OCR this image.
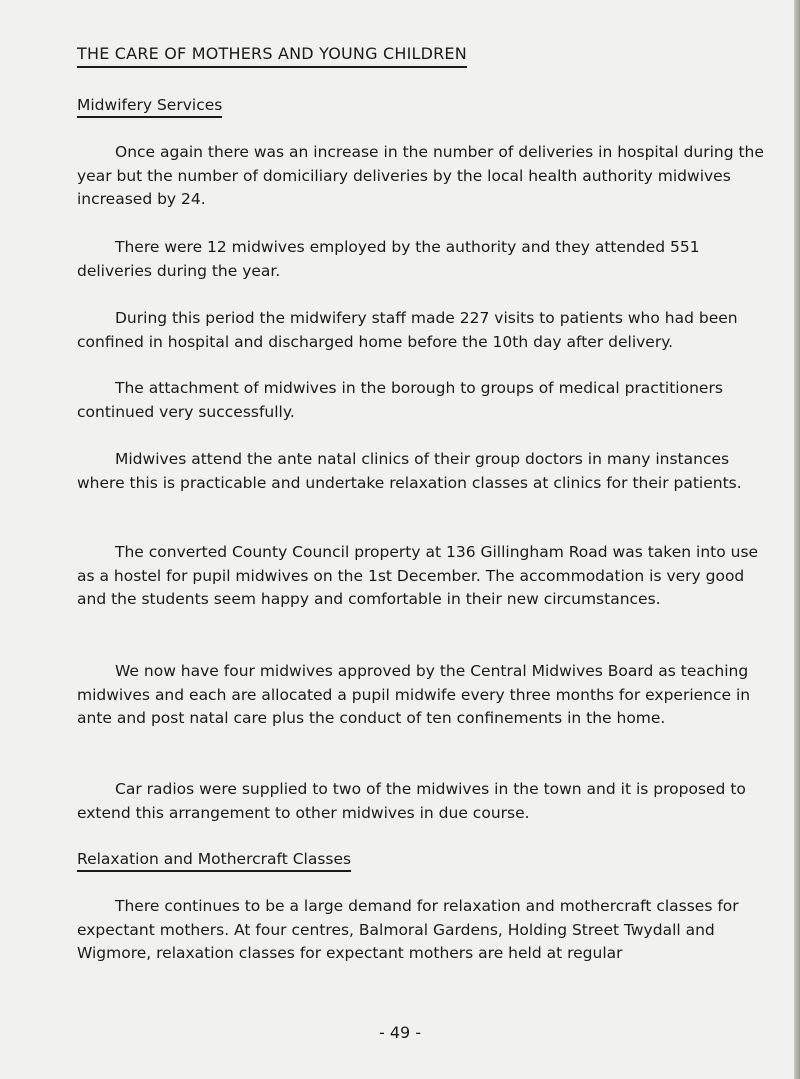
THE CARE OF MOTHERS AND YOUNG CHILDREN
Midwifery Services

Once again there was an increase in the number of deliveries in hospital during the year but the number of domiciliary deliveries by the local health authority midwives increased by 24.

There were 12 midwives employed by the authority and they attended 551 deliveries during the year.

During this period the midwifery staff made 227 visits to patients who had been confined in hospital and discharged home before the 10th day after delivery.

The attachment of midwives in the borough to groups of medical practitioners continued very successfully.

Midwives attend the ante natal clinics of their group doctors in many instances where this is practicable and undertake relaxation classes at clinics for their patients.

The converted County Council property at 136 Gillingham Road was taken into use as a hostel for pupil midwives on the 1st December. The accommodation is very good and the students seem happy and comfortable in their new circumstances.

We now have four midwives approved by the Central Midwives Board as teaching midwives and each are allocated a pupil midwife every three months for experience in ante and post natal care plus the conduct of ten confinements in the home.

Car radios were supplied to two of the midwives in the town and it is proposed to extend this arrangement to other midwives in due course.

Relaxation and Mothercraft Classes

There continues to be a large demand for relaxation and mothercraft classes for expectant mothers. At four centres, Balmoral Gardens, Holding Street Twydall and Wigmore, relaxation classes for expectant mothers are held at regular

- 49 -
